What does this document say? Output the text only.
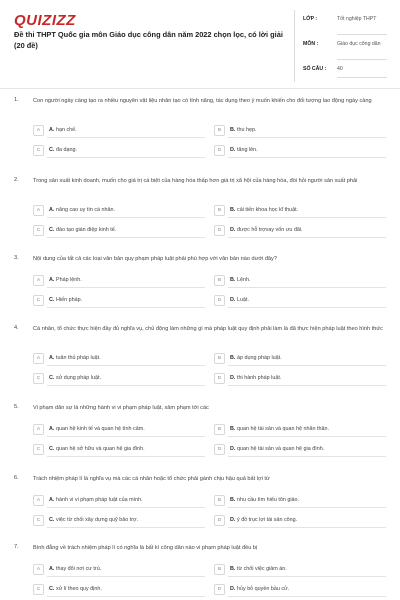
QUIZIZZ
Đề thi THPT Quốc gia môn Giáo dục công dân năm 2022 chọn lọc, có lời giải (20 đề)
LỚP :	Tốt nghiệp THPT
MÔN :	Giáo dục công dân
SỐ CÂU :	40
1.	Con người ngày càng tạo ra nhiều nguyên vật liệu nhân tạo có tính năng, tác dụng theo ý muốn khiến cho đối tượng lao động ngày càng
A	A. hạn chế.	B	B. thu hẹp.
C	C. đa dạng.	D	D. tăng lên.
2.	Trong sản xuất kinh doanh, muốn cho giá trị cá biệt của hàng hóa thấp hơn giá trị xã hội của hàng hóa, đòi hỏi người sản xuất phải
A	A. nâng cao uy tín cá nhân.	B	B. cải tiến khoa học kĩ thuật.
C	C. đào tạo gián điệp kinh tế.	D	D. được hỗ trợvay vốn ưu đãi.
3.	Nội dung của tất cả các loại văn bản quy phạm pháp luật phải phù hợp với văn bản nào dưới đây?
A	A. Pháp lệnh.	B	B. Lệnh.
C	C. Hiến pháp.	D	D. Luật.
4.	Cá nhân, tổ chức thực hiện đầy đủ nghĩa vụ, chủ động làm những gì mà pháp luật quy định phải làm là đã thực hiện pháp luật theo hình thức
A	A. tuân thủ pháp luật.	B	B. áp dụng pháp luật.
C	C. sử dụng pháp luật.	D	D. thi hành pháp luật.
5.	Vi phạm dân sự là những hành vi vi phạm pháp luật, xâm phạm tới các
A	A. quan hệ kinh tế và quan hệ tình cảm.	B	B. quan hệ tài sản và quan hệ nhân thân.
C	C. quan hệ sở hữu và quan hệ gia đình.	D	D. quan hệ tài sản và quan hệ gia đình.
6.	Trách nhiệm pháp lí là nghĩa vụ mà các cá nhân hoặc tổ chức phải gánh chịu hậu quả bất lợi từ
A	A. hành vi vi phạm pháp luật của mình.	B	B. nhu cầu tìm hiểu tôn giáo.
C	C. việc từ chối xây dựng quỹ bảo trợ.	D	D. ý đồ trục lợi tài sản công.
7.	Bình đẳng về trách nhiệm pháp lí có nghĩa là bất kì công dân nào vi phạm pháp luật đều bị
A	A. thay đổi nơi cư trú.	B	B. từ chối việc giảm án.
C	C. xử lí theo quy định.	D	D. hủy bỏ quyền bầu cử.
